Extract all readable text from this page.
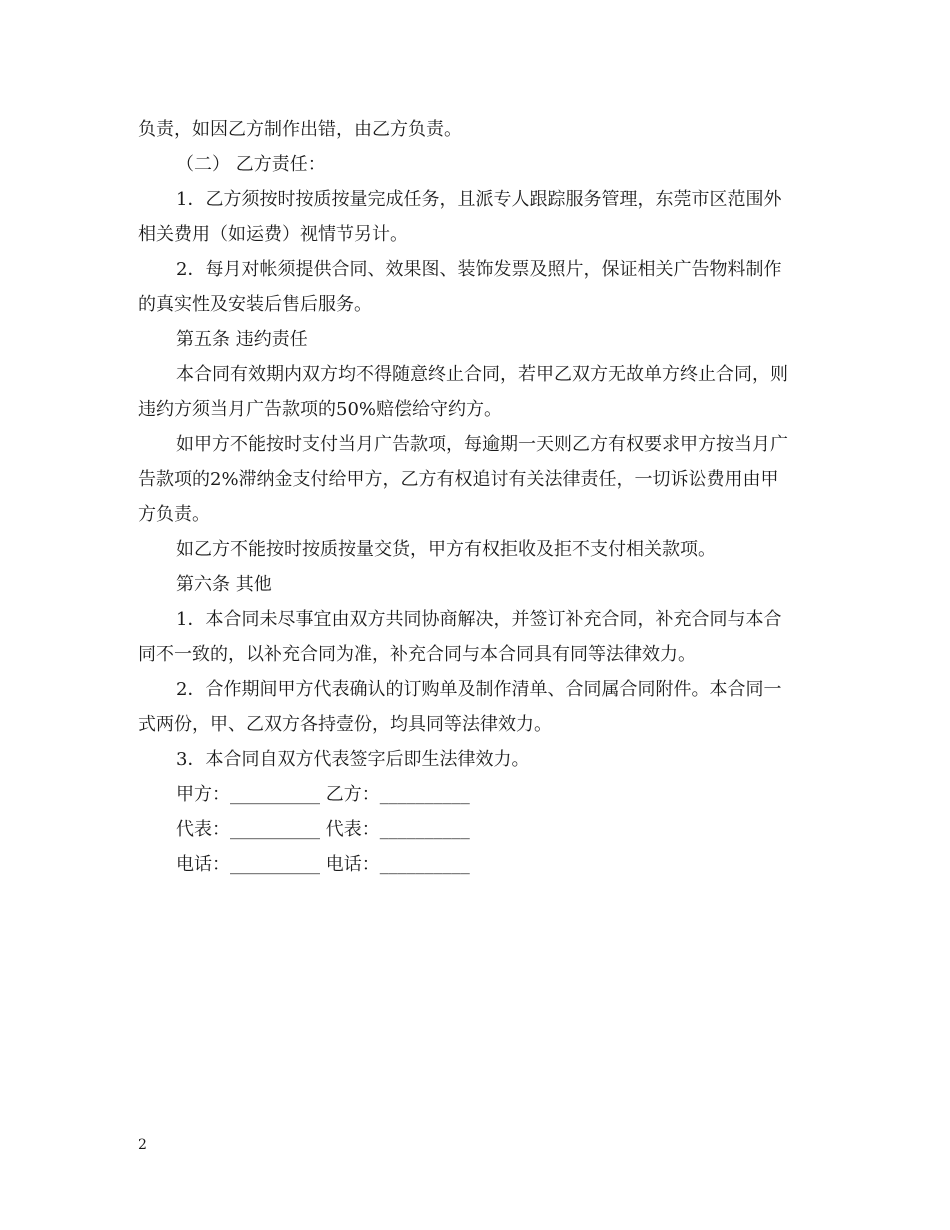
负责，如因乙方制作出错，由乙方负责。
（二） 乙方责任：
1．乙方须按时按质按量完成任务，且派专人跟踪服务管理，东莞市区范围外
相关费用（如运费）视情节另计。
2．每月对帐须提供合同、效果图、装饰发票及照片，保证相关广告物料制作
的真实性及安装后售后服务。
第五条 违约责任
本合同有效期内双方均不得随意终止合同，若甲乙双方无故单方终止合同，则
违约方须当月广告款项的50%赔偿给守约方。
如甲方不能按时支付当月广告款项，每逾期一天则乙方有权要求甲方按当月广
告款项的2%滞纳金支付给甲方，乙方有权追讨有关法律责任，一切诉讼费用由甲
方负责。
如乙方不能按时按质按量交货，甲方有权拒收及拒不支付相关款项。
第六条 其他
1．本合同未尽事宜由双方共同协商解决，并签订补充合同，补充合同与本合
同不一致的，以补充合同为准，补充合同与本合同具有同等法律效力。
2．合作期间甲方代表确认的订购单及制作清单、合同属合同附件。本合同一
式两份，甲、乙双方各持壹份，均具同等法律效力。
3．本合同自双方代表签字后即生法律效力。
甲方：__________ 乙方：__________
代表：__________ 代表：__________
电话：__________ 电话：__________
2
